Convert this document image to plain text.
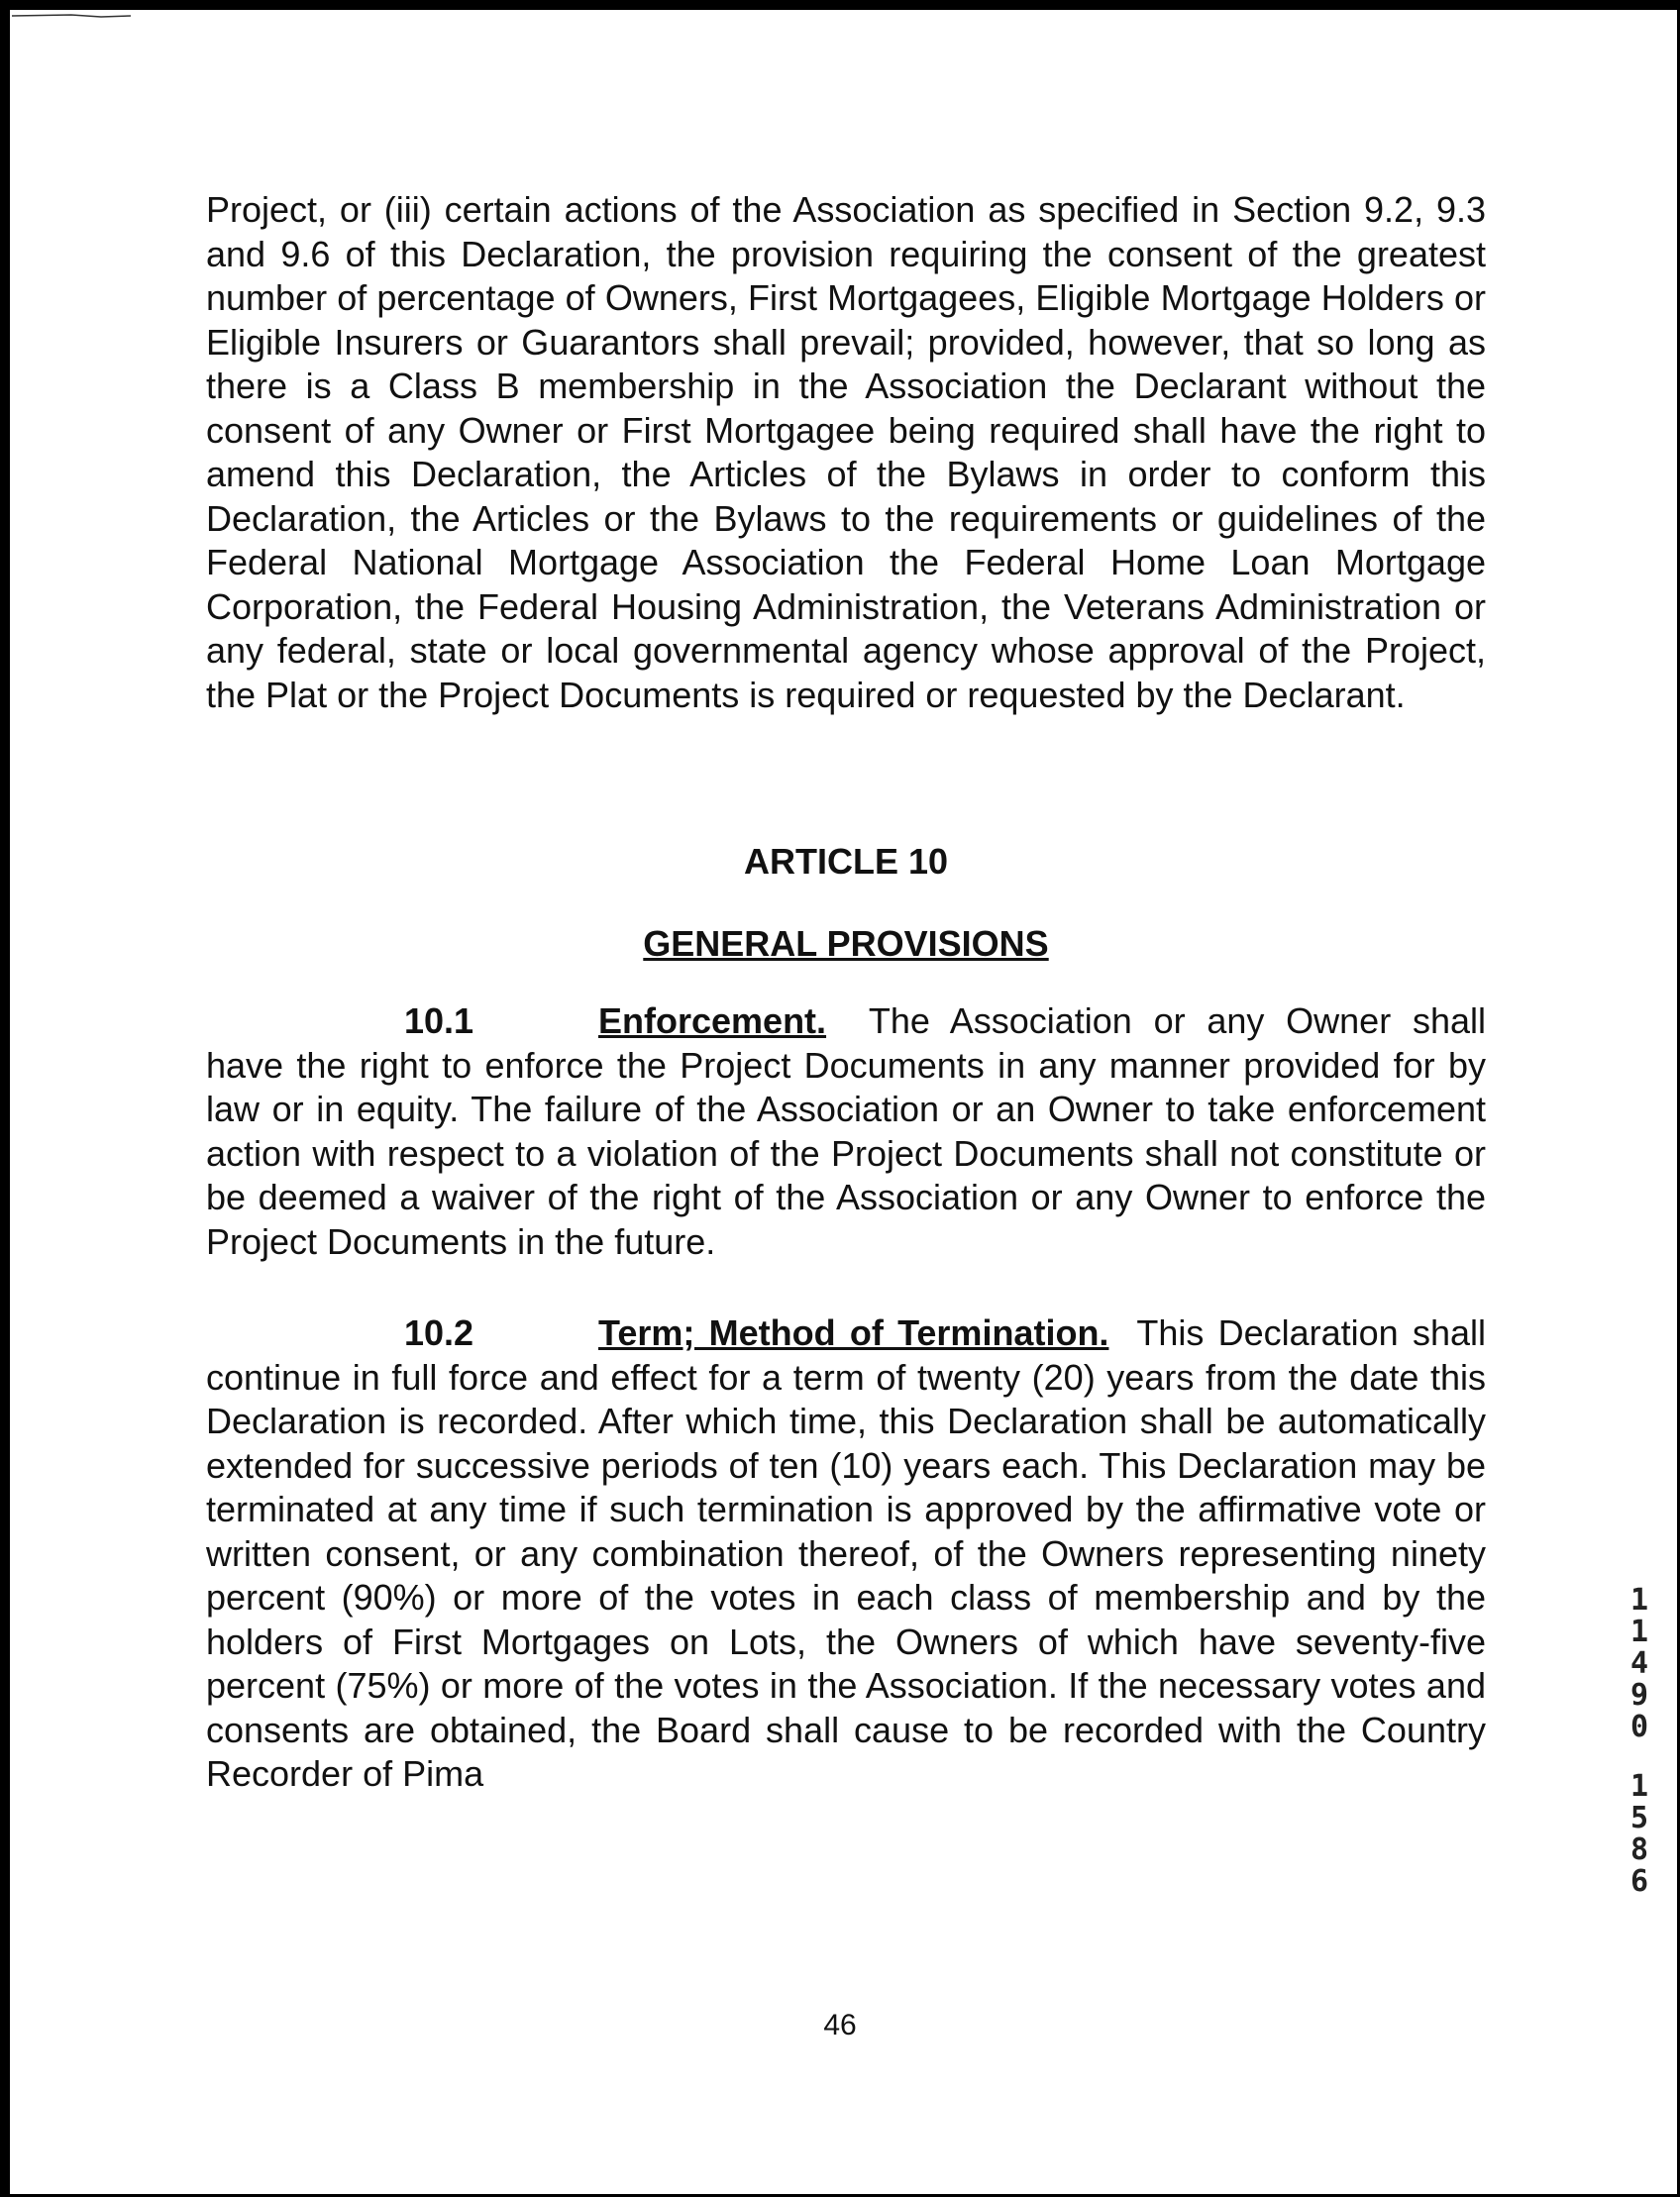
Project, or (iii) certain actions of the Association as specified in Section 9.2, 9.3 and 9.6 of this Declaration, the provision requiring the consent of the greatest number of percentage of Owners, First Mortgagees, Eligible Mortgage Holders or Eligible Insurers or Guarantors shall prevail; provided, however, that so long as there is a Class B membership in the Association the Declarant without the consent of any Owner or First Mortgagee being required shall have the right to amend this Declaration, the Articles of the Bylaws in order to conform this Declaration, the Articles or the Bylaws to the requirements or guidelines of the Federal National Mortgage Association the Federal Home Loan Mortgage Corporation, the Federal Housing Administration, the Veterans Administration or any federal, state or local governmental agency whose approval of the Project, the Plat or the Project Documents is required or requested by the Declarant.

ARTICLE 10

GENERAL PROVISIONS

10.1	Enforcement. The Association or any Owner shall have the right to enforce the Project Documents in any manner provided for by law or in equity. The failure of the Association or an Owner to take enforcement action with respect to a violation of the Project Documents shall not constitute or be deemed a waiver of the right of the Association or any Owner to enforce the Project Documents in the future.

10.2	Term; Method of Termination. This Declaration shall continue in full force and effect for a term of twenty (20) years from the date this Declaration is recorded. After which time, this Declaration shall be automatically extended for successive periods of ten (10) years each. This Declaration may be terminated at any time if such termination is approved by the affirmative vote or written consent, or any combination thereof, of the Owners representing ninety percent (90%) or more of the votes in each class of membership and by the holders of First Mortgages on Lots, the Owners of which have seventy-five percent (75%) or more of the votes in the Association. If the necessary votes and consents are obtained, the Board shall cause to be recorded with the Country Recorder of Pima

46
1
1
4
9
0
1
5
8
6
